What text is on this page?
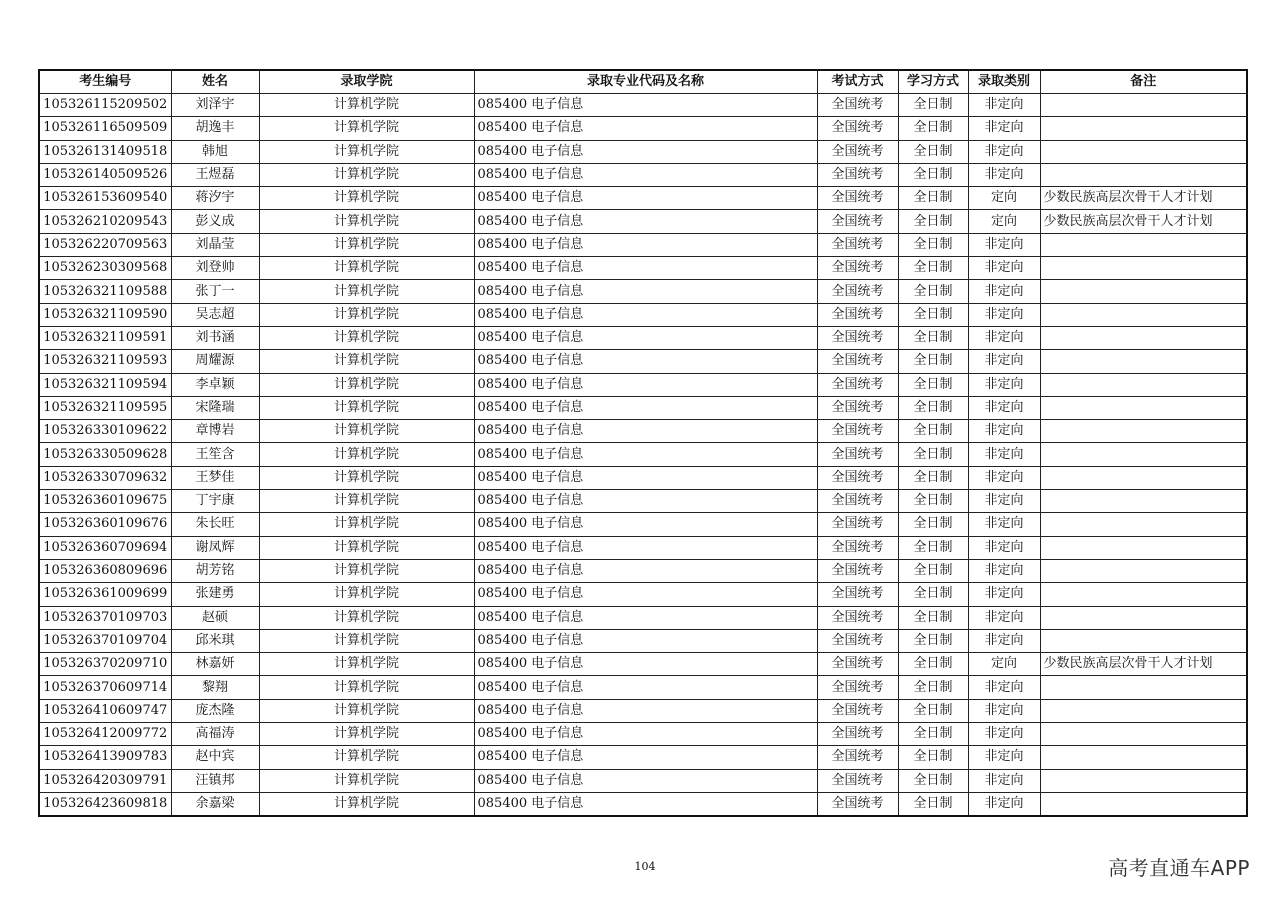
考生编号	姓名	录取学院	录取专业代码及名称	考试方式	学习方式	录取类别	备注
105326115209502	刘泽宇	计算机学院	085400 电子信息	全国统考	全日制	非定向	
105326116509509	胡逸丰	计算机学院	085400 电子信息	全国统考	全日制	非定向	
105326131409518	韩旭	计算机学院	085400 电子信息	全国统考	全日制	非定向	
105326140509526	王煜磊	计算机学院	085400 电子信息	全国统考	全日制	非定向	
105326153609540	蒋汐宇	计算机学院	085400 电子信息	全国统考	全日制	定向	少数民族高层次骨干人才计划
105326210209543	彭义成	计算机学院	085400 电子信息	全国统考	全日制	定向	少数民族高层次骨干人才计划
105326220709563	刘晶莹	计算机学院	085400 电子信息	全国统考	全日制	非定向	
105326230309568	刘登帅	计算机学院	085400 电子信息	全国统考	全日制	非定向	
105326321109588	张丁一	计算机学院	085400 电子信息	全国统考	全日制	非定向	
105326321109590	吴志超	计算机学院	085400 电子信息	全国统考	全日制	非定向	
105326321109591	刘书涵	计算机学院	085400 电子信息	全国统考	全日制	非定向	
105326321109593	周耀源	计算机学院	085400 电子信息	全国统考	全日制	非定向	
105326321109594	李卓颖	计算机学院	085400 电子信息	全国统考	全日制	非定向	
105326321109595	宋隆瑞	计算机学院	085400 电子信息	全国统考	全日制	非定向	
105326330109622	章博岩	计算机学院	085400 电子信息	全国统考	全日制	非定向	
105326330509628	王笙含	计算机学院	085400 电子信息	全国统考	全日制	非定向	
105326330709632	王梦佳	计算机学院	085400 电子信息	全国统考	全日制	非定向	
105326360109675	丁宇康	计算机学院	085400 电子信息	全国统考	全日制	非定向	
105326360109676	朱长旺	计算机学院	085400 电子信息	全国统考	全日制	非定向	
105326360709694	谢凤辉	计算机学院	085400 电子信息	全国统考	全日制	非定向	
105326360809696	胡芳铭	计算机学院	085400 电子信息	全国统考	全日制	非定向	
105326361009699	张建勇	计算机学院	085400 电子信息	全国统考	全日制	非定向	
105326370109703	赵硕	计算机学院	085400 电子信息	全国统考	全日制	非定向	
105326370109704	邱米琪	计算机学院	085400 电子信息	全国统考	全日制	非定向	
105326370209710	林嘉妍	计算机学院	085400 电子信息	全国统考	全日制	定向	少数民族高层次骨干人才计划
105326370609714	黎翔	计算机学院	085400 电子信息	全国统考	全日制	非定向	
105326410609747	庞杰隆	计算机学院	085400 电子信息	全国统考	全日制	非定向	
105326412009772	高福涛	计算机学院	085400 电子信息	全国统考	全日制	非定向	
105326413909783	赵中宾	计算机学院	085400 电子信息	全国统考	全日制	非定向	
105326420309791	汪镇邦	计算机学院	085400 电子信息	全国统考	全日制	非定向	
105326423609818	余嘉梁	计算机学院	085400 电子信息	全国统考	全日制	非定向	
104	高考直通车APP
